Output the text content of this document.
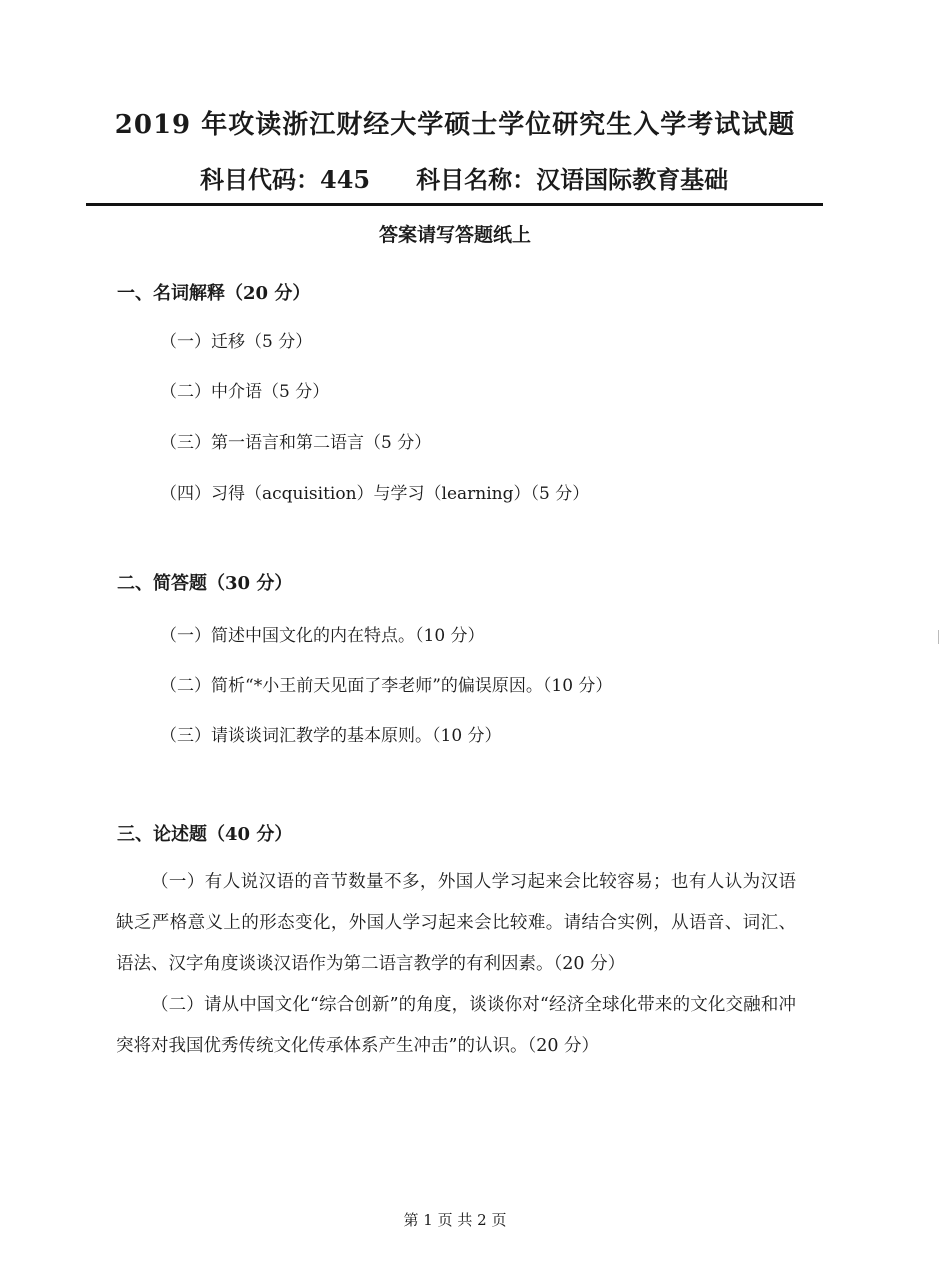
2019 年攻读浙江财经大学硕士学位研究生入学考试试题
科目代码：445 科目名称：汉语国际教育基础
答案请写答题纸上
一、名词解释（20 分）
（一）迁移（5 分）
（二）中介语（5 分）
（三）第一语言和第二语言（5 分）
（四）习得（acquisition）与学习（learning）（5 分）
二、简答题（30 分）
（一）简述中国文化的内在特点。（10 分）
（二）简析“*小王前天见面了李老师”的偏误原因。（10 分）
（三）请谈谈词汇教学的基本原则。（10 分）
三、论述题（40 分）

（一）有人说汉语的音节数量不多，外国人学习起来会比较容易；也有人认为汉语缺乏严格意义上的形态变化，外国人学习起来会比较难。请结合实例，从语音、词汇、语法、汉字角度谈谈汉语作为第二语言教学的有利因素。（20 分）

（二）请从中国文化“综合创新”的角度，谈谈你对“经济全球化带来的文化交融和冲突将对我国优秀传统文化传承体系产生冲击”的认识。（20 分）

第 1 页 共 2 页
